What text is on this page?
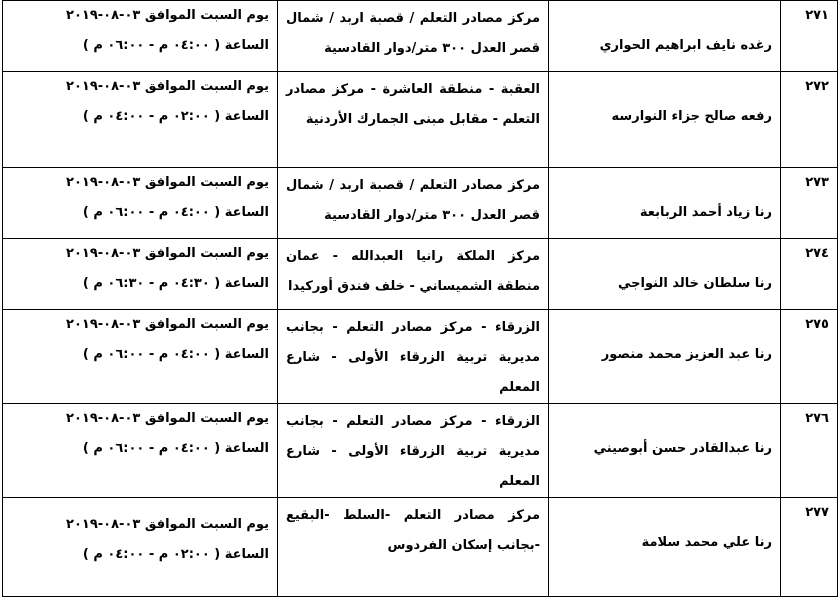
٢٧١	رغده نايف ابراهيم الحواري	مركز مصادر التعلم / قصبة اربد / شمال قصر العدل ٣٠٠ متر/دوار القادسية	يوم السبت الموافق ٠٣-٠٨-٢٠١٩
الساعة ( ٠٤:٠٠ م - ٠٦:٠٠ م )

٢٧٢	رفعه صالح جزاء النوارسه	العقبة - منطقة العاشرة - مركز مصادر التعلم - مقابل مبنى الجمارك الأردنية	يوم السبت الموافق ٠٣-٠٨-٢٠١٩
الساعة ( ٠٢:٠٠ م - ٠٤:٠٠ م )

٢٧٣	رنا زياد أحمد الربابعة	مركز مصادر التعلم / قصبة اربد / شمال قصر العدل ٣٠٠ متر/دوار القادسية	يوم السبت الموافق ٠٣-٠٨-٢٠١٩
الساعة ( ٠٤:٠٠ م - ٠٦:٠٠ م )

٢٧٤	رنا سلطان خالد النواجي	مركز الملكة رانيا العبدالله - عمان منطقة الشميساني - خلف فندق أوركيدا	يوم السبت الموافق ٠٣-٠٨-٢٠١٩
الساعة ( ٠٤:٣٠ م - ٠٦:٣٠ م )

٢٧٥	رنا عبد العزيز محمد منصور	الزرقاء - مركز مصادر التعلم - بجانب مديرية تربية الزرقاء الأولى - شارع المعلم	يوم السبت الموافق ٠٣-٠٨-٢٠١٩
الساعة ( ٠٤:٠٠ م - ٠٦:٠٠ م )

٢٧٦	رنا عبدالقادر حسن أبوصيني	الزرقاء - مركز مصادر التعلم - بجانب مديرية تربية الزرقاء الأولى - شارع المعلم	يوم السبت الموافق ٠٣-٠٨-٢٠١٩
الساعة ( ٠٤:٠٠ م - ٠٦:٠٠ م )

٢٧٧	رنا علي محمد سلامة	مركز مصادر التعلم -السلط -البقيع -بجانب إسكان الفردوس	يوم السبت الموافق ٠٣-٠٨-٢٠١٩
الساعة ( ٠٢:٠٠ م - ٠٤:٠٠ م )
